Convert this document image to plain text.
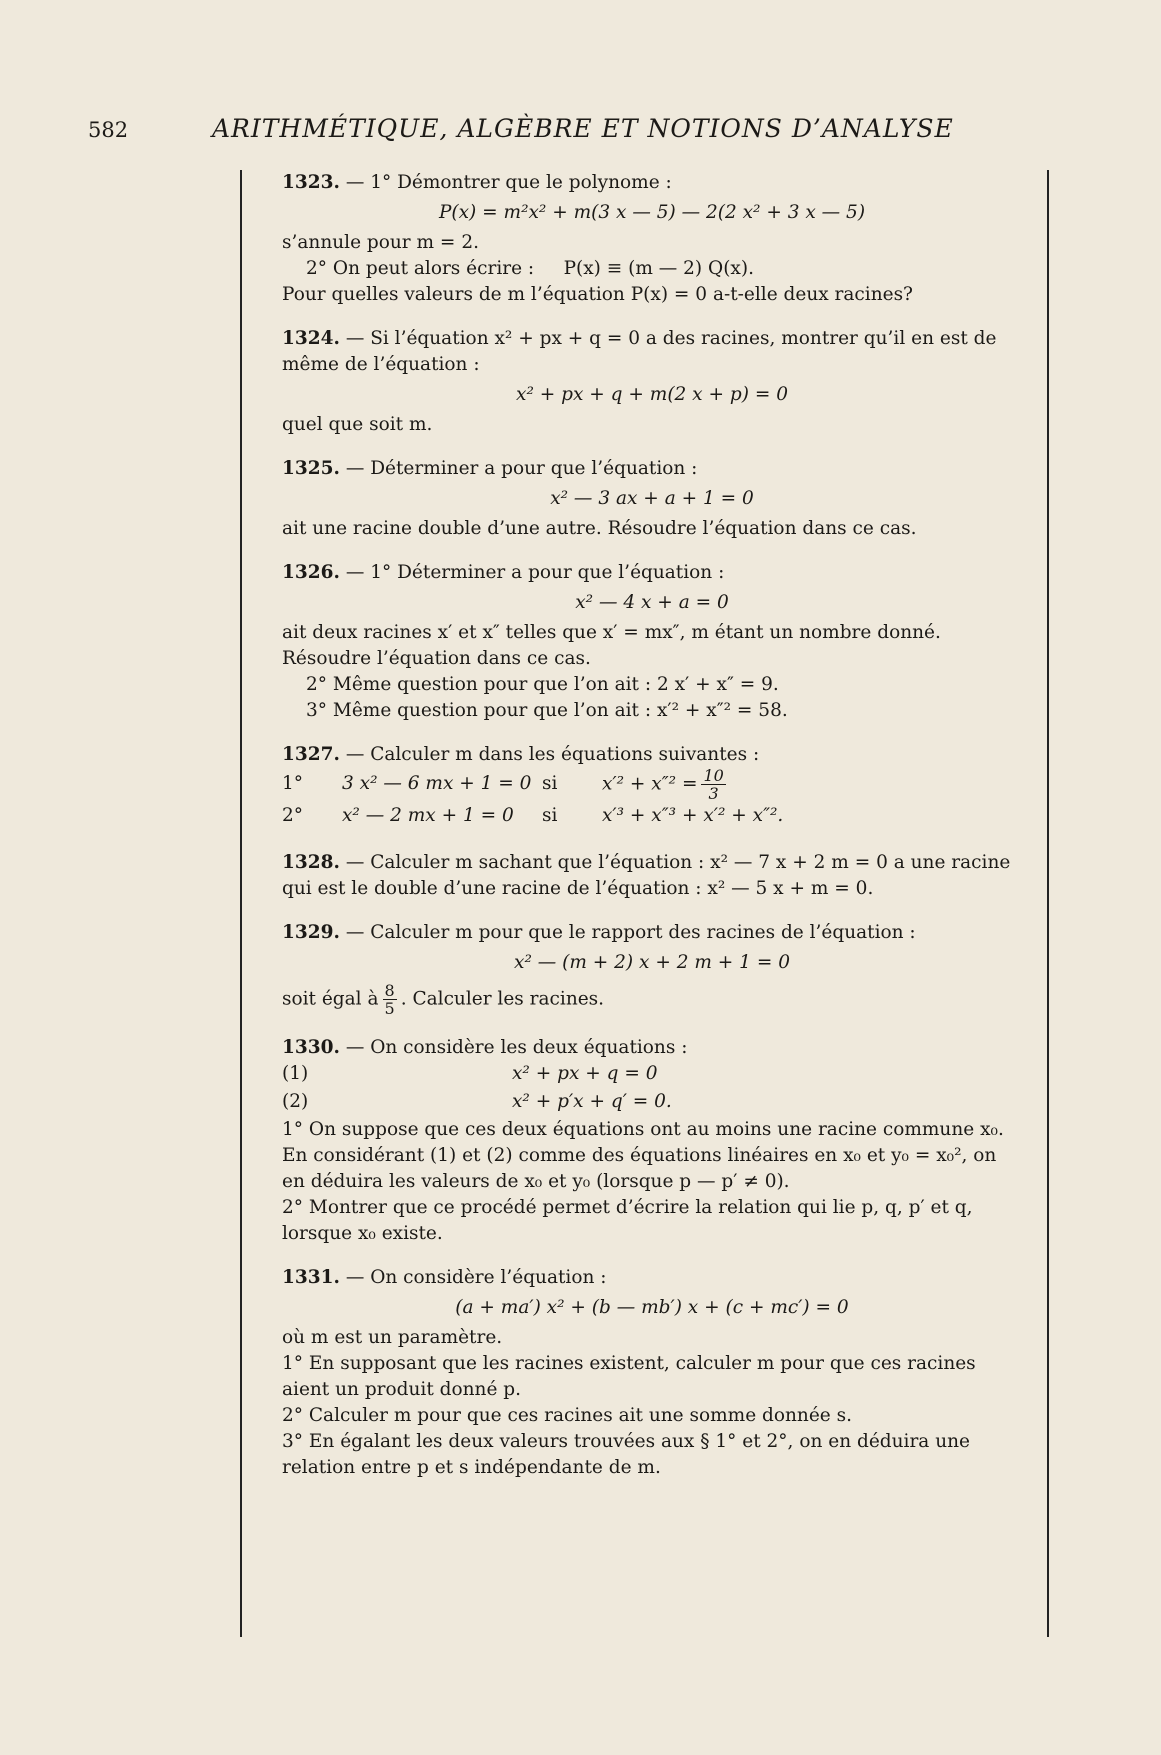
582	ARITHMÉTIQUE, ALGÈBRE ET NOTIONS D’ANALYSE

1323. — 1° Démontrer que le polynome :

P(x) = m²x² + m(3 x — 5) — 2(2 x² + 3 x — 5)

s’annule pour m = 2.

2° On peut alors écrire :     P(x) ≡ (m — 2) Q(x).

Pour quelles valeurs de m l’équation P(x) = 0 a-t-elle deux racines?

1324. — Si l’équation x² + px + q = 0 a des racines, montrer qu’il en est de même de l’équation :

x² + px + q + m(2 x + p) = 0

quel que soit m.

1325. — Déterminer a pour que l’équation :

x² — 3 ax + a + 1 = 0

ait une racine double d’une autre. Résoudre l’équation dans ce cas.

1326. — 1° Déterminer a pour que l’équation :

x² — 4 x + a = 0

ait deux racines x′ et x″ telles que x′ = mx″, m étant un nombre donné. Résoudre l’équation dans ce cas.

2° Même question pour que l’on ait : 2 x′ + x″ = 9.

3° Même question pour que l’on ait : x′² + x″² = 58.

1327. — Calculer m dans les équations suivantes :

1°	3 x² — 6 mx + 1 = 0 si	$x'^2 + x''^2 = \frac{10}{3}$
2°	x² — 2 mx + 1 = 0	si	x′³ + x″³ + x′² + x″².

1328. — Calculer m sachant que l’équation : x² — 7 x + 2 m = 0 a une racine qui est le double d’une racine de l’équation : x² — 5 x + m = 0.

1329. — Calculer m pour que le rapport des racines de l’équation :

x² — (m + 2) x + 2 m + 1 = 0

soit égal à $\frac{8}{5}$ . Calculer les racines.

1330. — On considère les deux équations :

(1)	x² + px + q = 0
(2)	x² + p′x + q′ = 0.

1° On suppose que ces deux équations ont au moins une racine commune x₀.

En considérant (1) et (2) comme des équations linéaires en x₀ et y₀ = x₀², on en déduira les valeurs de x₀ et y₀ (lorsque p — p′ ≠ 0).

2° Montrer que ce procédé permet d’écrire la relation qui lie p, q, p′ et q, lorsque x₀ existe.

1331. — On considère l’équation :

(a + ma′) x² + (b — mb′) x + (c + mc′) = 0

où m est un paramètre.

1° En supposant que les racines existent, calculer m pour que ces racines aient un produit donné p.

2° Calculer m pour que ces racines ait une somme donnée s.

3° En égalant les deux valeurs trouvées aux § 1° et 2°, on en déduira une relation entre p et s indépendante de m.
